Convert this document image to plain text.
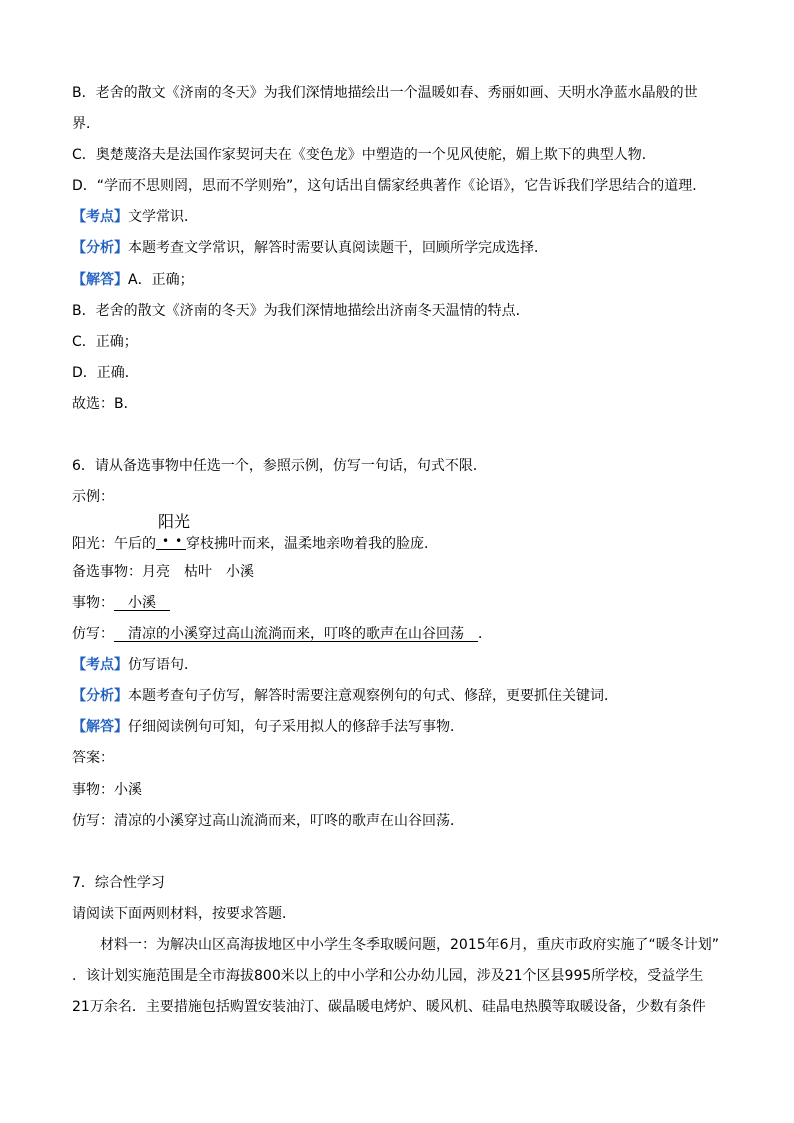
B．老舍的散文《济南的冬天》为我们深情地描绘出一个温暖如春、秀丽如画、天明水净蓝水晶般的世
界．
C．奥楚蔑洛夫是法国作家契诃夫在《变色龙》中塑造的一个见风使舵，媚上欺下的典型人物．
D．“学而不思则罔，思而不学则殆”，这句话出自儒家经典著作《论语》，它告诉我们学思结合的道理．
【考点】文学常识．
【分析】本题考查文学常识，解答时需要认真阅读题干，回顾所学完成选择．
【解答】A．正确；
B．老舍的散文《济南的冬天》为我们深情地描绘出济南冬天温情的特点．
C．正确；
D．正确．
故选：B．
6．请从备选事物中任选一个，参照示例，仿写一句话，句式不限．
示例：
阳光
••
阳光：午后的 穿枝拂叶而来，温柔地亲吻着我的脸庞．
备选事物：月亮　枯叶　小溪
事物：  小溪 
仿写：  清凉的小溪穿过高山流淌而来，叮咚的歌声在山谷回荡  ．
【考点】仿写语句．
【分析】本题考查句子仿写，解答时需要注意观察例句的句式、修辞，更要抓住关键词．
【解答】仔细阅读例句可知，句子采用拟人的修辞手法写事物．
答案：
事物：小溪
仿写：清凉的小溪穿过高山流淌而来，叮咚的歌声在山谷回荡．
7．综合性学习
请阅读下面两则材料，按要求答题．
材料一：为解决山区高海拔地区中小学生冬季取暖问题，2015年6月，重庆市政府实施了“暖冬计划”
．该计划实施范围是全市海拔800米以上的中小学和公办幼儿园，涉及21个区县995所学校，受益学生
21万余名．主要措施包括购置安装油汀、碳晶暖电烤炉、暖风机、硅晶电热膜等取暖设备，少数有条件
